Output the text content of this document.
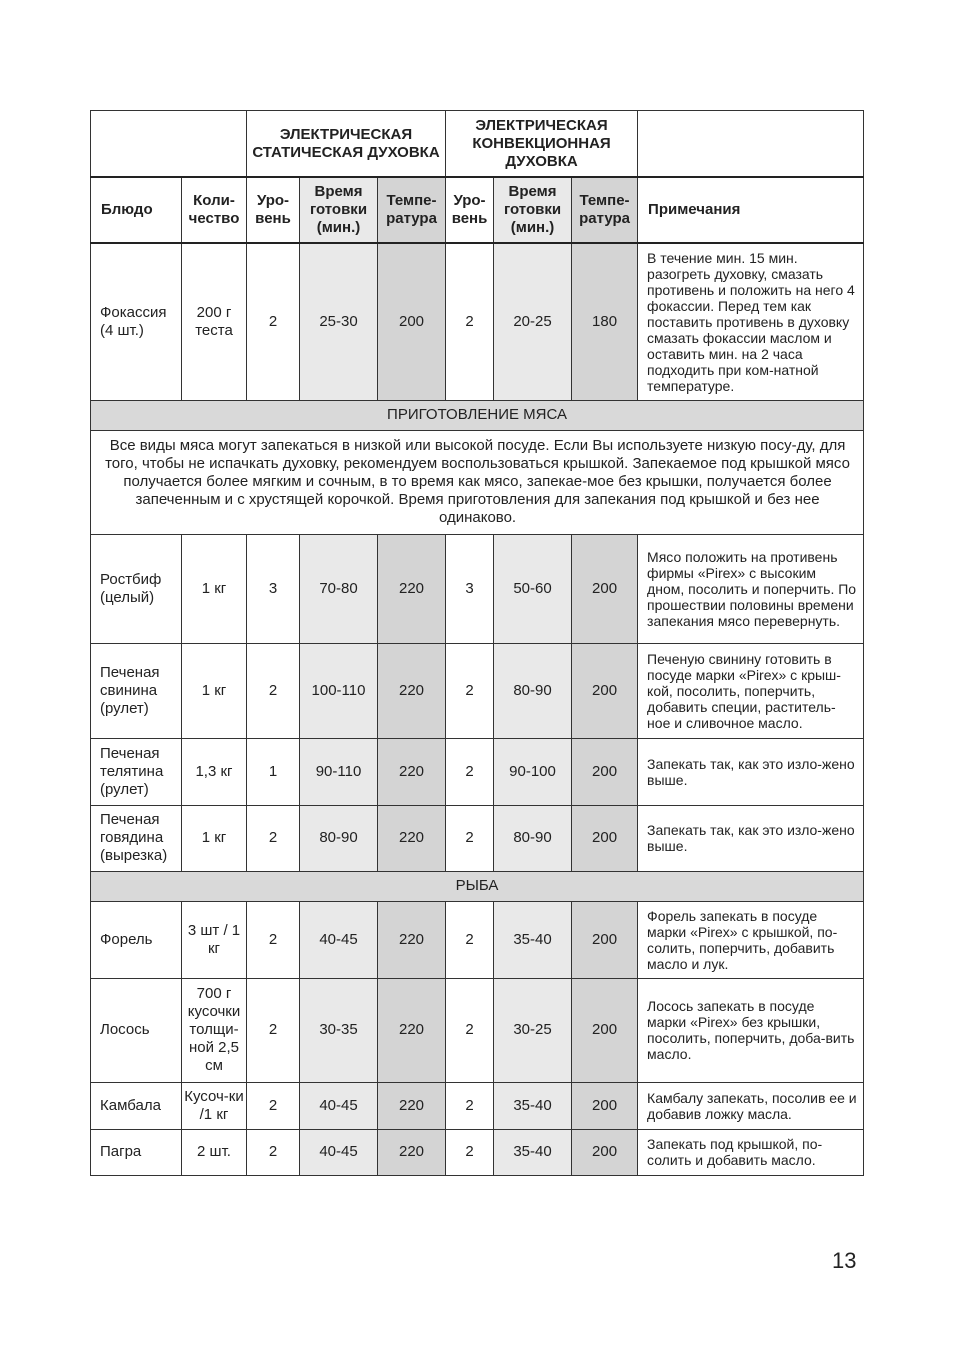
		ЭЛЕКТРИЧЕСКАЯ СТАТИЧЕСКАЯ ДУХОВКА			ЭЛЕКТРИЧЕСКАЯ КОНВЕКЦИОННАЯ ДУХОВКА			
Блюдо	Коли-чество	Уро-вень	Время готовки (мин.)	Темпе-ратура	Уро-вень	Время готовки (мин.)	Темпе-ратура	Примечания
Фокаccия (4 шт.)	200 г теста	2	25-30	200	2	20-25	180	В течение мин. 15 мин. разогреть духовку, смазать противень и положить на него 4 фокаccии. Перед тем как поставить противень в духовку смазать фокаccии маслом и оставить мин. на 2 часа подходить при ком-натной температуре.
ПРИГОТОВЛЕНИЕ МЯСА								
Все виды мяса могут запекаться в низкой или высокой посуде. Если Вы используете низкую посу-ду, для того, чтобы не испачкать духовку, рекомендуем воспользоваться крышкой. Запекаемое под крышкой мясо получается более мягким и сочным, в то время как мясо, запекае-мое без крышки, получается более запеченным и с хрустящей корочкой. Время приготовления для запекания под крышкой и без нее одинаково.								
Ростбиф (целый)	1 кг	3	70-80	220	3	50-60	200	Мясо положить на противень фирмы «Pirex» с высоким дном, посолить и поперчить. По прошествии половины времени запекания мясо перевернуть.
Печеная свинина (рулет)	1 кг	2	100-110	220	2	80-90	200	Печеную свинину готовить в посуде марки «Pirex» с крыш-кой, посолить, поперчить, добавить специи, раститель-ное и сливочное масло.
Печеная телятина (рулет)	1,3 кг	1	90-110	220	2	90-100	200	Запекать так, как это изло-жено выше.
Печеная говядина (вырезка)	1 кг	2	80-90	220	2	80-90	200	Запекать так, как это изло-жено выше.
РЫБА								
Форель	3 шт / 1 кг	2	40-45	220	2	35-40	200	Форель запекать в посуде марки «Pirex» с крышкой, по-солить, поперчить, добавить масло и лук.
Лосось	700 г кусочки толщи-ной 2,5 см	2	30-35	220	2	30-25	200	Лосось запекать в посуде марки «Pirex» без крышки, посолить, поперчить, доба-вить масло.
Камбала	Кусоч-ки /1 кг	2	40-45	220	2	35-40	200	Камбалу запекать, посолив ее и добавив ложку масла.
Пагра	2 шт.	2	40-45	220	2	35-40	200	Запекать под крышкой, по-солить и добавить масло.
13
